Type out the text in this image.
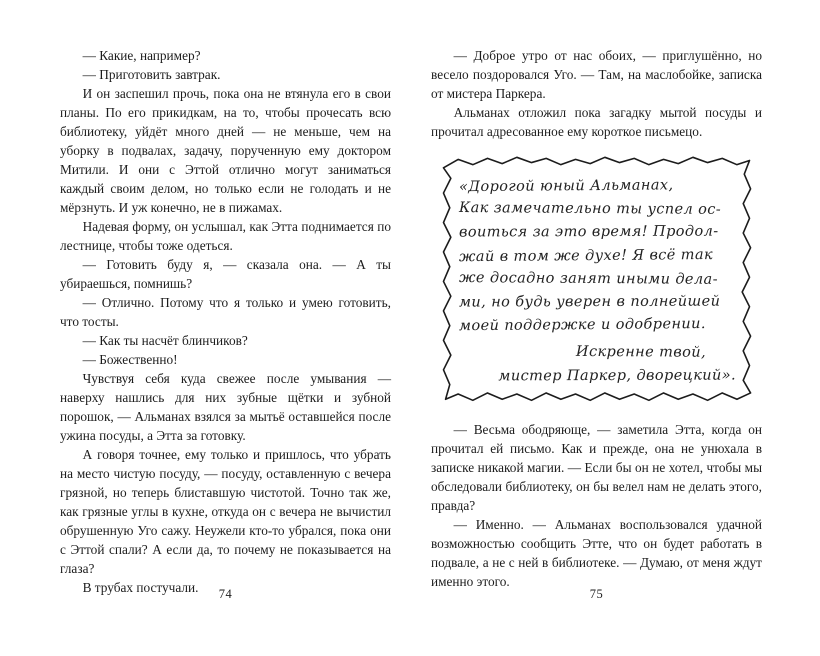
— Какие, например?

— Приготовить завтрак.

И он заспешил прочь, пока она не втянула его в свои планы. По его прикидкам, на то, чтобы прочесать всю библиотеку, уйдёт много дней — не меньше, чем на уборку в подвалах, задачу, порученную ему доктором Митили. И они с Эттой отлично могут заниматься каждый своим делом, но только если не голодать и не мёрзнуть. И уж конечно, не в пижамах.

Надевая форму, он услышал, как Этта поднимается по лестнице, чтобы тоже одеться.

— Готовить буду я, — сказала она. — А ты убираешься, помнишь?

— Отлично. Потому что я только и умею готовить, что тосты.

— Как ты насчёт блинчиков?

— Божественно!

Чувствуя себя куда свежее после умывания — наверху нашлись для них зубные щётки и зубной порошок, — Альманах взялся за мытьё оставшейся после ужина посуды, а Этта за готовку.

А говоря точнее, ему только и пришлось, что убрать на место чистую посуду, — посуду, оставленную с вечера грязной, но теперь блиставшую чистотой. Точно так же, как грязные углы в кухне, откуда он с вечера не вычистил обрушенную Уго сажу. Неужели кто-то убрался, пока они с Эттой спали? А если да, то почему не показывается на глаза?

В трубах постучали.	74

— Доброе утро от нас обоих, — приглушённо, но весело поздоровался Уго. — Там, на маслобойке, записка от мистера Паркера.

Альманах отложил пока загадку мытой посуды и прочитал адресованное ему короткое письмецо.

«Дорогой юный Альманах,
Как замечательно ты успел ос-
воиться за это время! Продол-
жай в том же духе! Я всё так
же досадно занят иными дела-
ми, но будь уверен в полнейшей
моей поддержке и одобрении.
Искренне твой,
мистер Паркер, дворецкий».

— Весьма ободряюще, — заметила Этта, когда он прочитал ей письмо. Как и прежде, она не унюхала в записке никакой магии. — Если бы он не хотел, чтобы мы обследовали библиотеку, он бы велел нам не делать этого, правда?

— Именно. — Альманах воспользовался удачной возможностью сообщить Этте, что он будет работать в подвале, а не с ней в библиотеке. — Думаю, от меня ждут именно этого.

75
